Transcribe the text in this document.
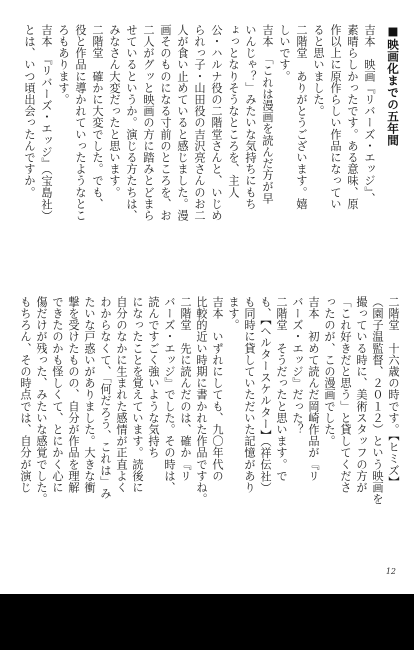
■映画化までの五年間
吉本　映画『リバーズ・エッジ』、
素晴らしかったです。ある意味、原
作以上に原作らしい作品になってい
ると思いました。
二階堂　ありがとうございます。嬉
しいです。
吉本　「これは漫画を読んだ方が早
いんじゃ？」みたいな気持ちにもち
ょっとなりそうなところを、主人
公・ハルナ役の二階堂さんと、いじめ
られっ子・山田役の吉沢亮さんのお二
人が食い止めていると感じました。漫
画そのものになる寸前のところを、お
二人がグッと映画の方に踏みとどまら
せているというか。演じる方たちは、
みなさん大変だったと思います。
二階堂　確かに大変でした。でも、
役と作品に導かれていったようなとこ
ろもあります。
吉本　『リバーズ・エッジ』（宝島社）
とは、いつ頃出会ったんですか。
二階堂　十六歳の時です。【ヒミズ】
（園子温監督、２０１２）という映画を
撮っている時に、美術スタッフの方が
「これ好きだと思う」と貸してくださ
ったのが、この漫画でした。
吉本　初めて読んだ岡崎作品が『リ
バーズ・エッジ』だった？
二階堂　そうだったと思います。で
も、【ヘルタースケルター】（祥伝社）
も同時に貸していただいた記憶があり
ます。
吉本　いずれにしても、九〇年代の
比較的近い時期に書かれた作品ですね。
二階堂　先に読んだのは、確か『リ
バーズ・エッジ』でした。その時は、
読んですごく強いような気持ち
になったことを覚えています。読後に
自分のなかに生まれた感情が正直よく
わからなくて、「何だろう、これは」み
たいな戸惑いがありました。大きな衝
撃を受けたものの、自分が作品を理解
できたのかも怪しくて、とにかく心に
傷だけが残った、みたいな感覚でした。
もちろん、その時点では、自分が演じ
12
